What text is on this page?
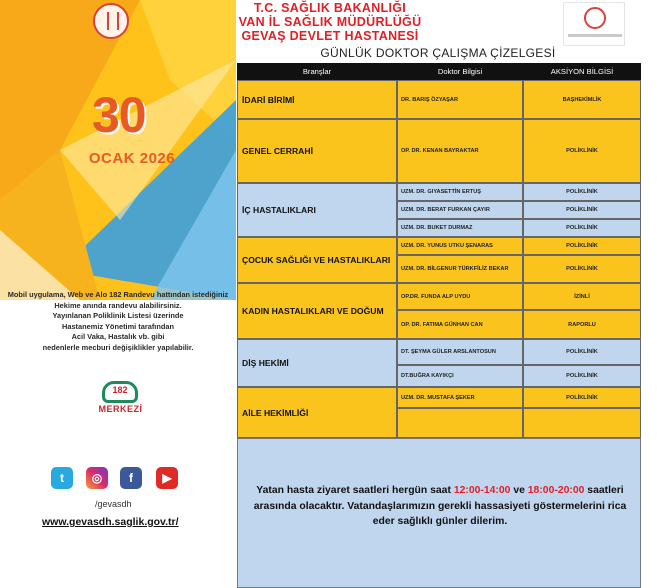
T.C. SAĞLIK BAKANLIĞI
VAN İL SAĞLIK MÜDÜRLÜĞÜ
GEVAŞ DEVLET HASTANESİ
GÜNLÜK DOKTOR ÇALIŞMA ÇİZELGESİ
30
OCAK 2026
Mobil uygulama, Web ve Alo 182 Randevu hattından istediğiniz
Hekime anında randevu alabilirsiniz.
Yayınlanan Poliklinik Listesi üzerinde
Hastanemiz Yönetimi tarafından
Acil Vaka, Hastalık vb. gibi
nedenlerle mecburi değişiklikler yapılabilir.
182
MERKEZİ
t	◎	f	▶
/gevasdh
www.gevasdh.saglik.gov.tr/
Branşlar	Doktor Bilgisi	AKSİYON BİLGİSİ
İDARİ BİRİMİ	DR. BARIŞ ÖZYAŞAR	BAŞHEKİMLİK
GENEL CERRAHİ	OP. DR. KENAN BAYRAKTAR	POLİKLİNİK
İÇ HASTALIKLARI
UZM. DR. GIYASETTİN ERTUŞ	POLİKLİNİK
UZM. DR. BERAT FURKAN ÇAYIR	POLİKLİNİK
UZM. DR. BUKET DURMAZ	POLİKLİNİK
ÇOCUK SAĞLIĞI VE HASTALIKLARI
UZM. DR. YUNUS UTKU ŞENARAS	POLİKLİNİK
UZM. DR. BİLGENUR TÜRKFİLİZ BEKAR	POLİKLİNİK
KADIN HASTALIKLARI VE DOĞUM
OP.DR. FUNDA ALP UYDU	İZİNLİ
OP. DR. FATIMA GÜNHAN CAN	RAPORLU
DİŞ HEKİMİ
DT. ŞEYMA GÜLER ARSLANTOSUN	POLİKLİNİK
DT.BUĞRA KAYIKÇI	POLİKLİNİK
AİLE HEKİMLİĞİ
UZM. DR. MUSTAFA ŞEKER	POLİKLİNİK

Yatan hasta ziyaret saatleri hergün saat 12:00-14:00 ve 18:00-20:00 saatleri arasında olacaktır. Vatandaşlarımızın gerekli hassasiyeti göstermelerini rica eder sağlıklı günler dilerim.
